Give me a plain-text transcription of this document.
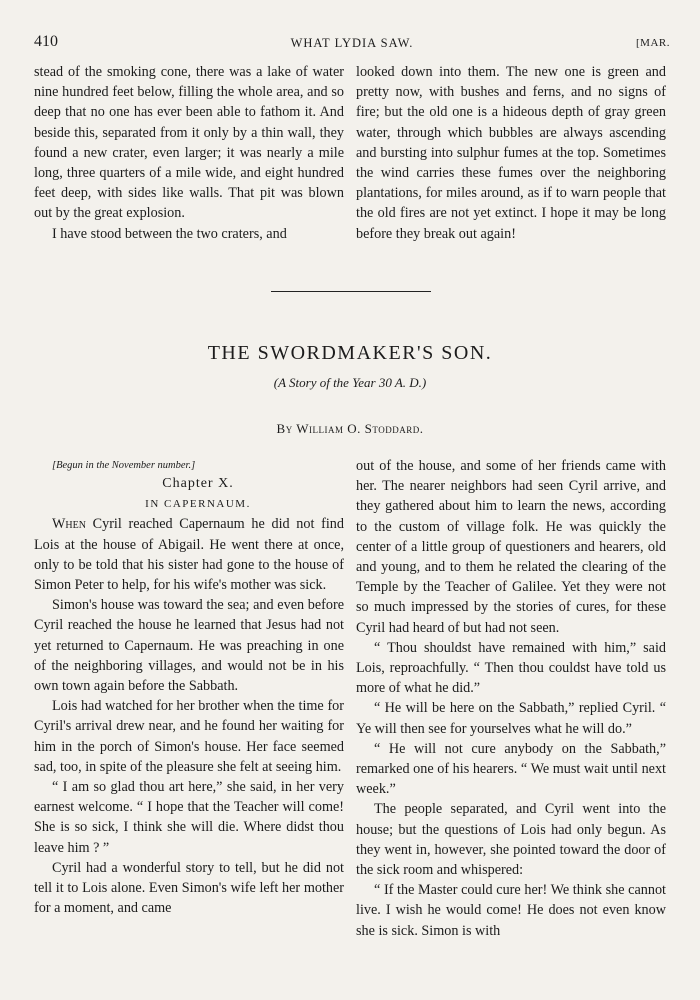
410	WHAT LYDIA SAW.	[MAR.

stead of the smoking cone, there was a lake of water nine hundred feet below, filling the whole area, and so deep that no one has ever been able to fathom it. And beside this, separated from it only by a thin wall, they found a new crater, even larger; it was nearly a mile long, three quarters of a mile wide, and eight hundred feet deep, with sides like walls. That pit was blown out by the great explosion.

I have stood between the two craters, and

looked down into them. The new one is green and pretty now, with bushes and ferns, and no signs of fire; but the old one is a hideous depth of gray green water, through which bubbles are always ascending and bursting into sulphur fumes at the top. Sometimes the wind carries these fumes over the neighboring plantations, for miles around, as if to warn people that the old fires are not yet extinct. I hope it may be long before they break out again!

THE SWORDMAKER'S SON.
(A Story of the Year 30 A. D.)
By William O. Stoddard.

[Begun in the November number.]

Chapter X.

IN CAPERNAUM.

When Cyril reached Capernaum he did not find Lois at the house of Abigail. He went there at once, only to be told that his sister had gone to the house of Simon Peter to help, for his wife's mother was sick.

Simon's house was toward the sea; and even before Cyril reached the house he learned that Jesus had not yet returned to Capernaum. He was preaching in one of the neighboring villages, and would not be in his own town again before the Sabbath.

Lois had watched for her brother when the time for Cyril's arrival drew near, and he found her waiting for him in the porch of Simon's house. Her face seemed sad, too, in spite of the pleasure she felt at seeing him.

“ I am so glad thou art here,” she said, in her very earnest welcome. “ I hope that the Teacher will come! She is so sick, I think she will die. Where didst thou leave him ? ”

Cyril had a wonderful story to tell, but he did not tell it to Lois alone. Even Simon's wife left her mother for a moment, and came

out of the house, and some of her friends came with her. The nearer neighbors had seen Cyril arrive, and they gathered about him to learn the news, according to the custom of village folk. He was quickly the center of a little group of questioners and hearers, old and young, and to them he related the clearing of the Temple by the Teacher of Galilee. Yet they were not so much impressed by the stories of cures, for these Cyril had heard of but had not seen.

“ Thou shouldst have remained with him,” said Lois, reproachfully. “ Then thou couldst have told us more of what he did.”

“ He will be here on the Sabbath,” replied Cyril. “ Ye will then see for yourselves what he will do.”

“ He will not cure anybody on the Sabbath,” remarked one of his hearers. “ We must wait until next week.”

The people separated, and Cyril went into the house; but the questions of Lois had only begun. As they went in, however, she pointed toward the door of the sick room and whispered:

“ If the Master could cure her! We think she cannot live. I wish he would come! He does not even know she is sick. Simon is with
